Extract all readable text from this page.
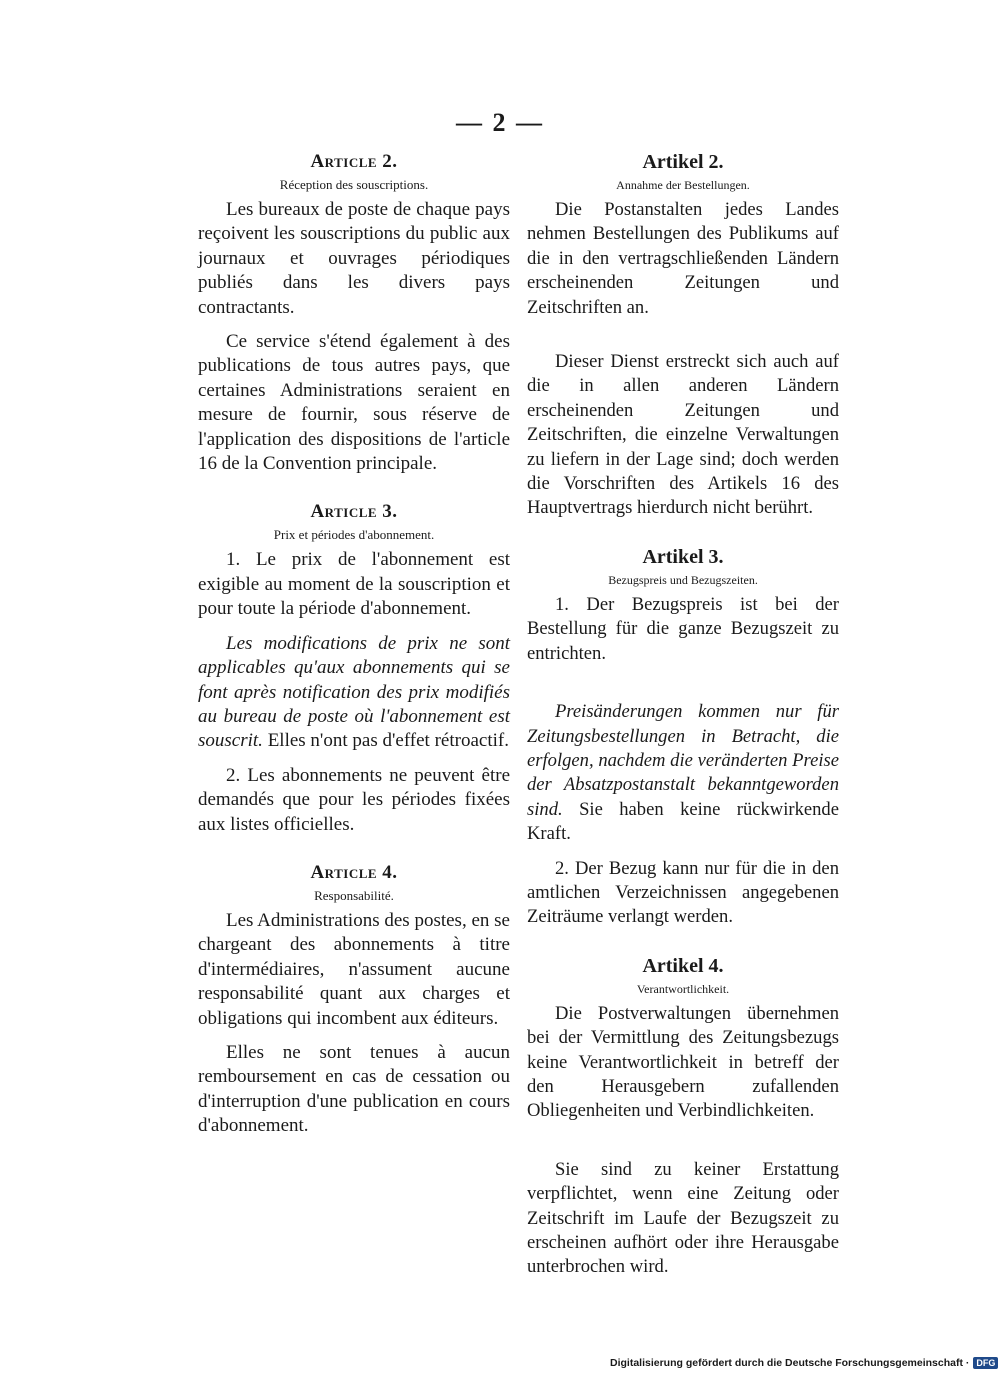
— 2 —
Article 2.
Réception des souscriptions.

Les bureaux de poste de chaque pays reçoivent les souscriptions du public aux journaux et ouvrages périodiques publiés dans les divers pays contractants.

Ce service s'étend également à des publications de tous autres pays, que certaines Administrations seraient en mesure de fournir, sous réserve de l'application des dispositions de l'article 16 de la Convention principale.

Article 3.
Prix et périodes d'abonnement.

1. Le prix de l'abonnement est exigible au moment de la souscription et pour toute la période d'abonnement.

Les modifications de prix ne sont applicables qu'aux abonnements qui se font après notification des prix modifiés au bureau de poste où l'abonnement est souscrit. Elles n'ont pas d'effet rétroactif.

2. Les abonnements ne peuvent être demandés que pour les périodes fixées aux listes officielles.

Article 4.
Responsabilité.

Les Administrations des postes, en se chargeant des abonnements à titre d'intermédiaires, n'assument aucune responsabilité quant aux charges et obligations qui incombent aux éditeurs.

Elles ne sont tenues à aucun remboursement en cas de cessation ou d'interruption d'une publication en cours d'abonnement.

Artikel 2.
Annahme der Bestellungen.

Die Postanstalten jedes Landes nehmen Bestellungen des Publikums auf die in den vertragschließenden Ländern erscheinenden Zeitungen und Zeitschriften an.

Dieser Dienst erstreckt sich auch auf die in allen anderen Ländern erscheinenden Zeitungen und Zeitschriften, die einzelne Verwaltungen zu liefern in der Lage sind; doch werden die Vorschriften des Artikels 16 des Hauptvertrags hierdurch nicht berührt.

Artikel 3.
Bezugspreis und Bezugszeiten.

1. Der Bezugspreis ist bei der Bestellung für die ganze Bezugszeit zu entrichten.

Preisänderungen kommen nur für Zeitungsbestellungen in Betracht, die erfolgen, nachdem die veränderten Preise der Absatzpostanstalt bekanntgeworden sind. Sie haben keine rückwirkende Kraft.

2. Der Bezug kann nur für die in den amtlichen Verzeichnissen angegebenen Zeiträume verlangt werden.

Artikel 4.
Verantwortlichkeit.

Die Postverwaltungen übernehmen bei der Vermittlung des Zeitungsbezugs keine Verantwortlichkeit in betreff der den Herausgebern zufallenden Obliegenheiten und Verbindlichkeiten.

Sie sind zu keiner Erstattung verpflichtet, wenn eine Zeitung oder Zeitschrift im Laufe der Bezugszeit zu erscheinen aufhört oder ihre Herausgabe unterbrochen wird.

Digitalisierung gefördert durch die Deutsche Forschungsgemeinschaft · DFG
